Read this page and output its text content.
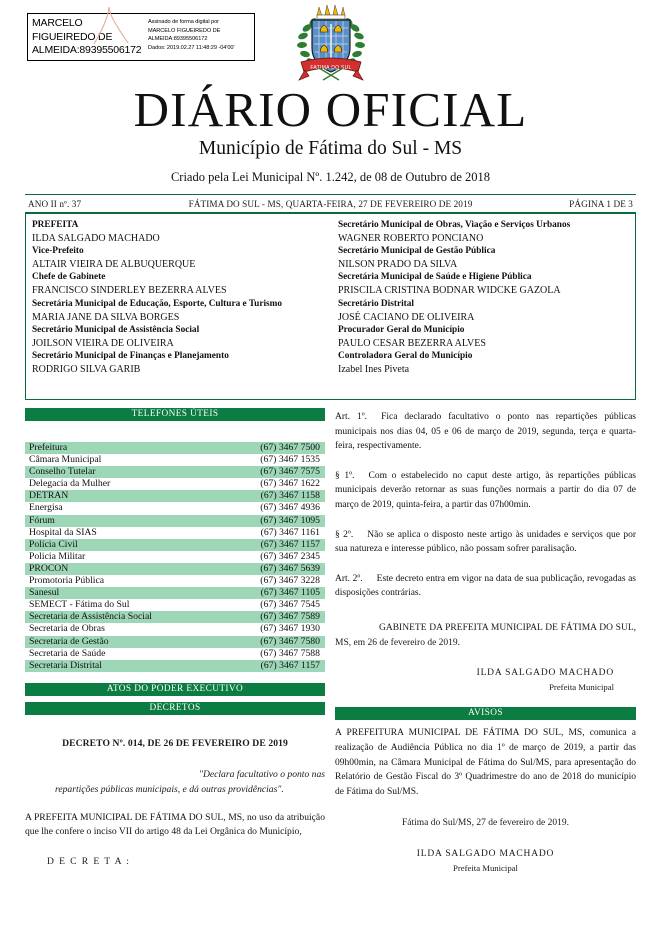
MARCELO FIGUEIREDO DE ALMEIDA:89395506172
Assinado de forma digital por
MARCELO FIGUEIREDO DE
ALMEIDA:89395506172
Dados: 2019.02.27 11:48:29 -04'00'
FATIMA DO SUL
DIÁRIO OFICIAL
Município de Fátima do Sul - MS
Criado pela Lei Municipal Nº. 1.242, de 08 de Outubro de 2018
ANO II nº. 37	FÁTIMA DO SUL - MS, QUARTA-FEIRA, 27 DE FEVEREIRO DE 2019	PÁGINA 1 DE 3
PREFEITA
ILDA SALGADO MACHADO
Vice-Prefeito
ALTAIR VIEIRA DE ALBUQUERQUE
Chefe de Gabinete
FRANCISCO SINDERLEY BEZERRA ALVES
Secretária Municipal de Educação, Esporte, Cultura e Turismo
MARIA JANE DA SILVA BORGES
Secretário Municipal de Assistência Social
JOILSON VIEIRA DE OLIVEIRA
Secretário Municipal de Finanças e Planejamento
RODRIGO SILVA GARIB
Secretário Municipal de Obras, Viação e Serviços Urbanos
WAGNER ROBERTO PONCIANO
Secretário Municipal de Gestão Pública
NILSON PRADO DA SILVA
Secretária Municipal de Saúde e Higiene Pública
PRISCILA CRISTINA BODNAR WIDCKE GAZOLA
Secretário Distrital
JOSÉ CACIANO DE OLIVEIRA
Procurador Geral do Município
PAULO CESAR BEZERRA ALVES
Controladora Geral do Município
Izabel Ines Piveta
TELEFONES ÚTEIS
Prefeitura	(67) 3467 7500
Câmara Municipal	(67) 3467 1535
Conselho Tutelar	(67) 3467 7575
Delegacia da Mulher	(67) 3467 1622
DETRAN	(67) 3467 1158
Energisa	(67) 3467 4936
Fórum	(67) 3467 1095
Hospital da SIAS	(67) 3467 1161
Polícia Civil	(67) 3467 1157
Policia Militar	(67) 3467 2345
PROCON	(67) 3467 5639
Promotoria Pública	(67) 3467 3228
Sanesul	(67) 3467 1105
SEMECT - Fátima do Sul	(67) 3467 7545
Secretaria de Assistência Social	(67) 3467 7589
Secretaria de Obras	(67) 3467 1930
Secretaria de Gestão	(67) 3467 7580
Secretaria de Saúde	(67) 3467 7588
Secretaria Distrital	(67) 3467 1157
ATOS DO PODER EXECUTIVO
DECRETOS
DECRETO Nº. 014, DE 26 DE FEVEREIRO DE 2019
"Declara facultativo o ponto nas
repartições públicas municipais, e dá outras providências".
A PREFEITA MUNICIPAL DE FÁTIMA DO SUL, MS, no uso da atribuição que lhe confere o inciso VII do artigo 48 da Lei Orgânica do Município,
D E C R E T A :
Art. 1º. Fica declarado facultativo o ponto nas repartições públicas municipais nos dias 04, 05 e 06 de março de 2019, segunda, terça e quarta-feira, respectivamente.
§ 1º. Com o estabelecido no caput deste artigo, às repartições públicas municipais deverão retornar as suas funções normais a partir do dia 07 de março de 2019, quinta-feira, a partir das 07h00min.
§ 2º. Não se aplica o disposto neste artigo às unidades e serviços que por sua natureza e interesse público, não possam sofrer paralisação.
Art. 2º. Este decreto entra em vigor na data de sua publicação, revogadas as disposições contrárias.
GABINETE DA PREFEITA MUNICIPAL DE FÁTIMA DO SUL, MS, em 26 de fevereiro de 2019.
ILDA SALGADO MACHADO
Prefeita Municipal
AVISOS
A PREFEITURA MUNICIPAL DE FÁTIMA DO SUL, MS, comunica a realização de Audiência Pública no dia 1º de março de 2019, a partir das 09h00min, na Câmara Municipal de Fátima do Sul/MS, para apresentação do Relatório de Gestão Fiscal do 3º Quadrimestre do ano de 2018 do município de Fátima do Sul/MS.
Fátima do Sul/MS, 27 de fevereiro de 2019.
ILDA SALGADO MACHADO
Prefeita Municipal
